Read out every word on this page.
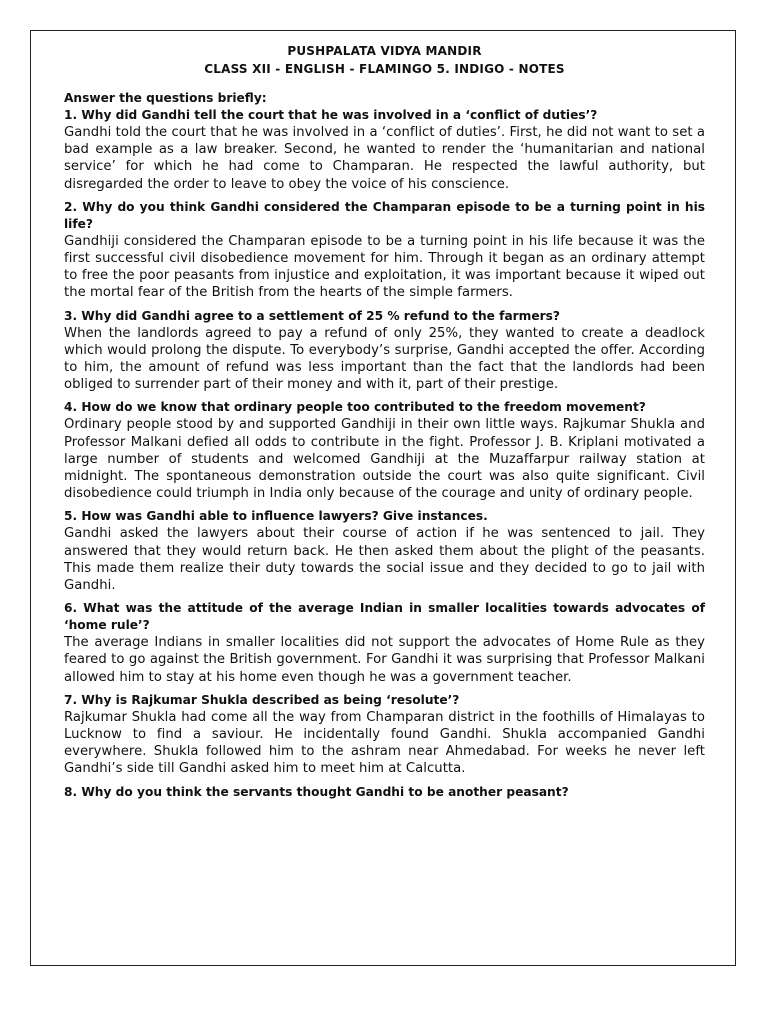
PUSHPALATA VIDYA MANDIR
CLASS XII - ENGLISH - FLAMINGO 5. INDIGO - NOTES
Answer the questions briefly:

1. Why did Gandhi tell the court that he was involved in a ‘conflict of duties’?

Gandhi told the court that he was involved in a ‘conflict of duties’. First, he did not want to set a bad example as a law breaker. Second, he wanted to render the ‘humanitarian and national service’ for which he had come to Champaran. He respected the lawful authority, but disregarded the order to leave to obey the voice of his conscience.

2. Why do you think Gandhi considered the Champaran episode to be a turning point in his life?

Gandhiji considered the Champaran episode to be a turning point in his life because it was the first successful civil disobedience movement for him. Through it began as an ordinary attempt to free the poor peasants from injustice and exploitation, it was important because it wiped out the mortal fear of the British from the hearts of the simple farmers.

3. Why did Gandhi agree to a settlement of 25 % refund to the farmers?

When the landlords agreed to pay a refund of only 25%, they wanted to create a deadlock which would prolong the dispute. To everybody’s surprise, Gandhi accepted the offer. According to him, the amount of refund was less important than the fact that the landlords had been obliged to surrender part of their money and with it, part of their prestige.

4. How do we know that ordinary people too contributed to the freedom movement?

Ordinary people stood by and supported Gandhiji in their own little ways. Rajkumar Shukla and Professor Malkani defied all odds to contribute in the fight. Professor J. B. Kriplani motivated a large number of students and welcomed Gandhiji at the Muzaffarpur railway station at midnight. The spontaneous demonstration outside the court was also quite significant. Civil disobedience could triumph in India only because of the courage and unity of ordinary people.

5. How was Gandhi able to influence lawyers? Give instances.

Gandhi asked the lawyers about their course of action if he was sentenced to jail. They answered that they would return back. He then asked them about the plight of the peasants. This made them realize their duty towards the social issue and they decided to go to jail with Gandhi.

6. What was the attitude of the average Indian in smaller localities towards advocates of ‘home rule’?

The average Indians in smaller localities did not support the advocates of Home Rule as they feared to go against the British government. For Gandhi it was surprising that Professor Malkani allowed him to stay at his home even though he was a government teacher.

7. Why is Rajkumar Shukla described as being ‘resolute’?

Rajkumar Shukla had come all the way from Champaran district in the foothills of Himalayas to Lucknow to find a saviour. He incidentally found Gandhi. Shukla accompanied Gandhi everywhere. Shukla followed him to the ashram near Ahmedabad. For weeks he never left Gandhi’s side till Gandhi asked him to meet him at Calcutta.

8. Why do you think the servants thought Gandhi to be another peasant?
